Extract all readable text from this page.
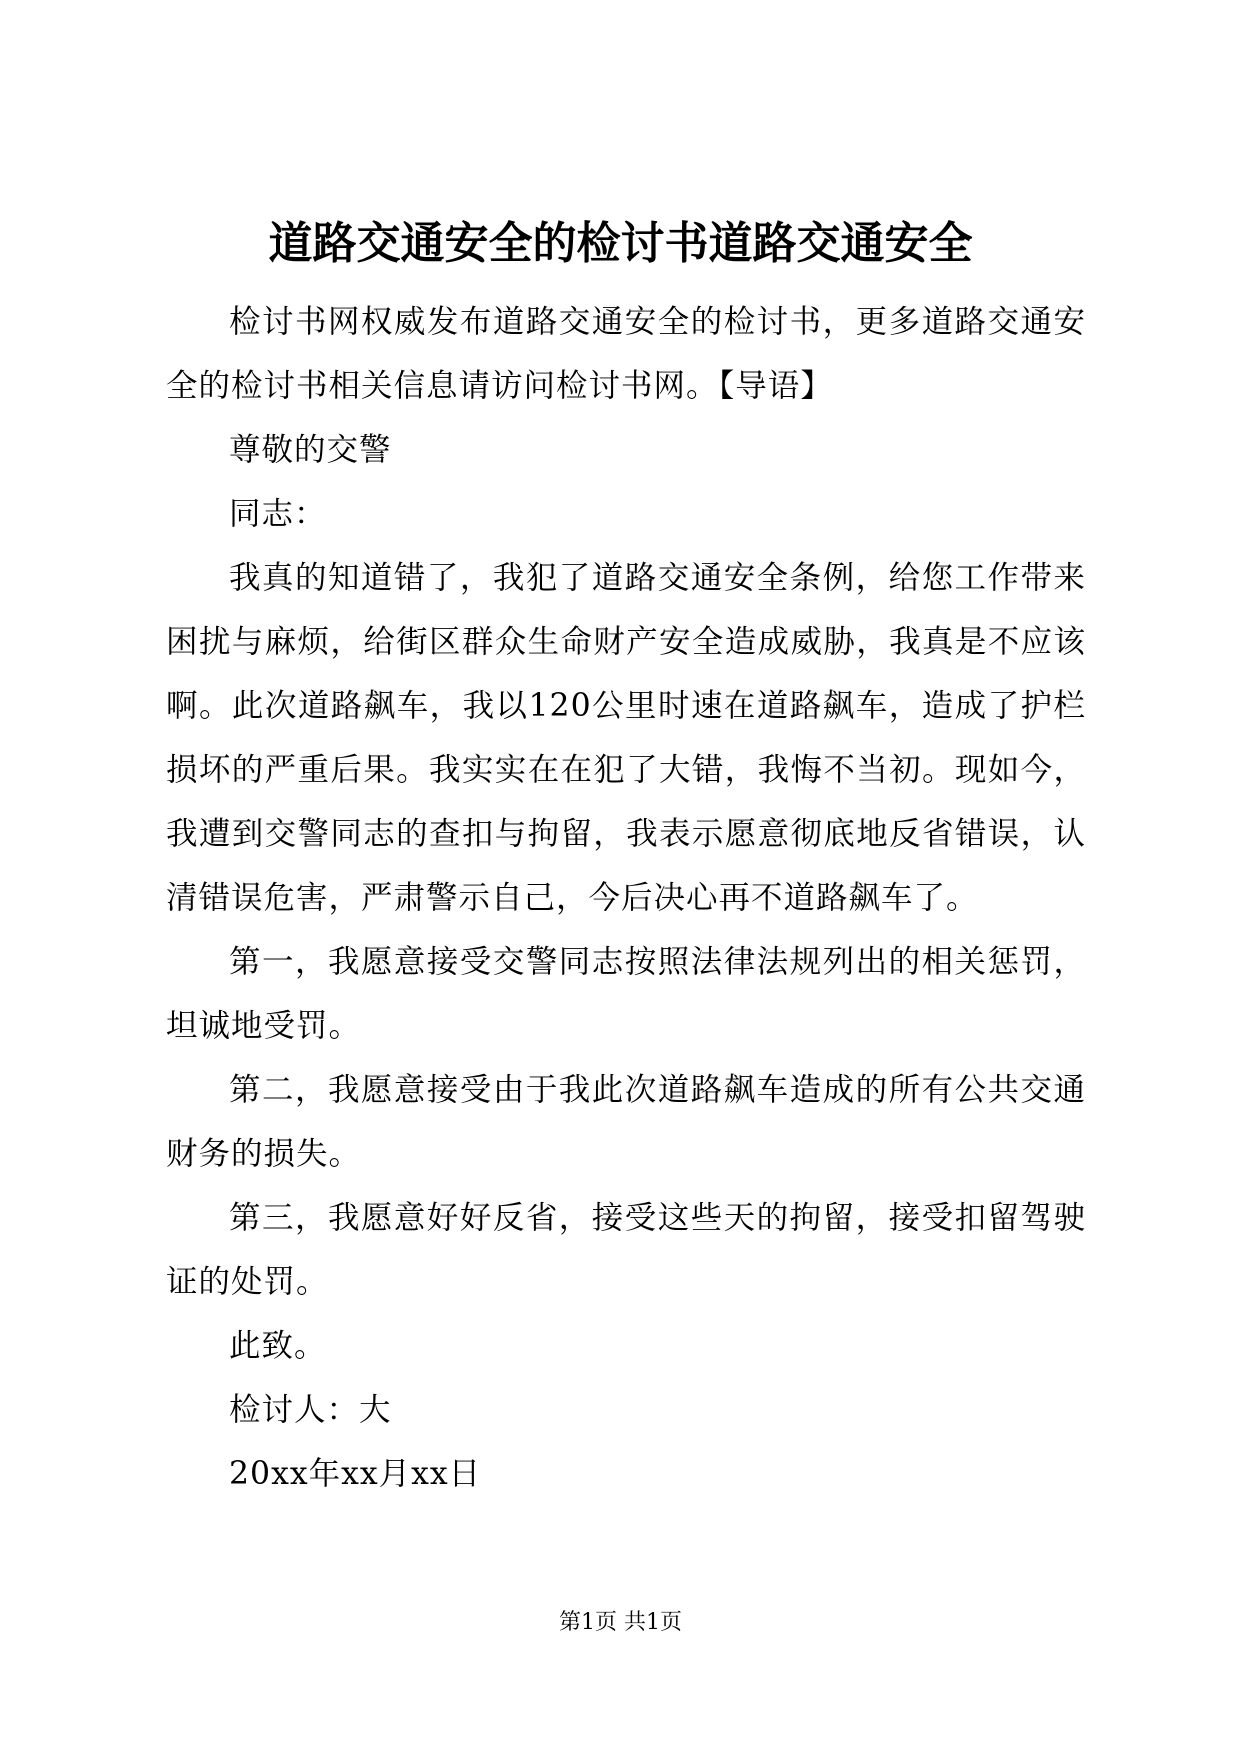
道路交通安全的检讨书道路交通安全

检讨书网权威发布道路交通安全的检讨书，更多道路交通安全的检讨书相关信息请访问检讨书网。【导语】

尊敬的交警

同志：

我真的知道错了，我犯了道路交通安全条例，给您工作带来困扰与麻烦，给街区群众生命财产安全造成威胁，我真是不应该啊。此次道路飙车，我以120公里时速在道路飙车，造成了护栏损坏的严重后果。我实实在在犯了大错，我悔不当初。现如今，我遭到交警同志的查扣与拘留，我表示愿意彻底地反省错误，认清错误危害，严肃警示自己，今后决心再不道路飙车了。

第一，我愿意接受交警同志按照法律法规列出的相关惩罚，坦诚地受罚。

第二，我愿意接受由于我此次道路飙车造成的所有公共交通财务的损失。

第三，我愿意好好反省，接受这些天的拘留，接受扣留驾驶证的处罚。

此致。

检讨人：大

20xx年xx月xx日

第1页 共1页
